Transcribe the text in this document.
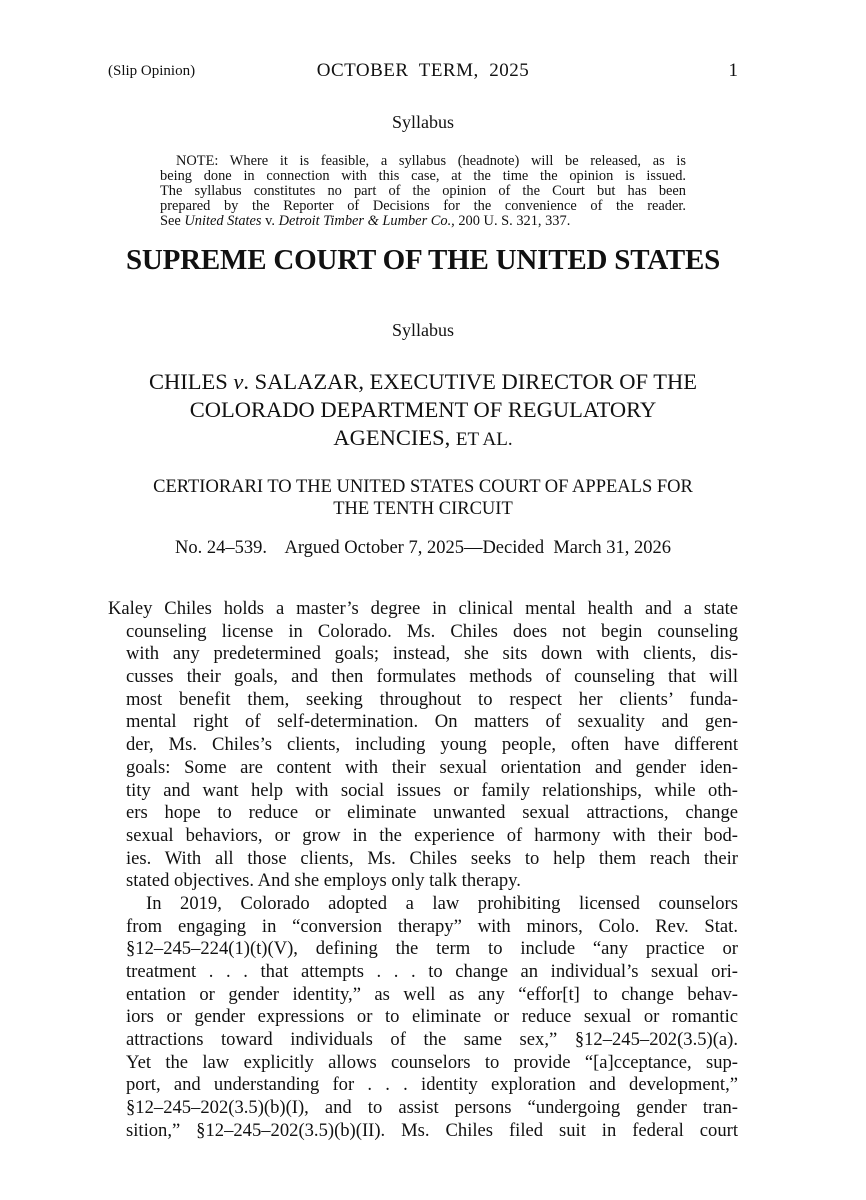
(Slip Opinion)	OCTOBER  TERM,  2025	1
Syllabus
NOTE: Where it is feasible, a syllabus (headnote) will be released, as is
being done in connection with this case, at the time the opinion is issued.
The syllabus constitutes no part of the opinion of the Court but has been
prepared by the Reporter of Decisions for the convenience of the reader.
See United States v. Detroit Timber & Lumber Co., 200 U. S. 321, 337.
SUPREME COURT OF THE UNITED STATES
Syllabus
CHILES v. SALAZAR, EXECUTIVE DIRECTOR OF THE
COLORADO DEPARTMENT OF REGULATORY
AGENCIES, ET AL.
CERTIORARI TO THE UNITED STATES COURT OF APPEALS FOR
THE TENTH CIRCUIT
No. 24–539.    Argued October 7, 2025—Decided  March 31, 2026
Kaley Chiles holds a master’s degree in clinical mental health and a state
counseling license in Colorado. Ms. Chiles does not begin counseling
with any predetermined goals; instead, she sits down with clients, dis-
cusses their goals, and then formulates methods of counseling that will
most benefit them, seeking throughout to respect her clients’ funda-
mental right of self-determination. On matters of sexuality and gen-
der, Ms. Chiles’s clients, including young people, often have different
goals: Some are content with their sexual orientation and gender iden-
tity and want help with social issues or family relationships, while oth-
ers hope to reduce or eliminate unwanted sexual attractions, change
sexual behaviors, or grow in the experience of harmony with their bod-
ies. With all those clients, Ms. Chiles seeks to help them reach their
stated objectives. And she employs only talk therapy.
In 2019, Colorado adopted a law prohibiting licensed counselors
from engaging in “conversion therapy” with minors, Colo. Rev. Stat.
§12–245–224(1)(t)(V), defining the term to include “any practice or
treatment . . . that attempts . . . to change an individual’s sexual ori-
entation or gender identity,” as well as any “effor[t] to change behav-
iors or gender expressions or to eliminate or reduce sexual or romantic
attractions toward individuals of the same sex,” §12–245–202(3.5)(a).
Yet the law explicitly allows counselors to provide “[a]cceptance, sup-
port, and understanding for . . . identity exploration and development,”
§12–245–202(3.5)(b)(I), and to assist persons “undergoing gender tran-
sition,” §12–245–202(3.5)(b)(II). Ms. Chiles filed suit in federal court
